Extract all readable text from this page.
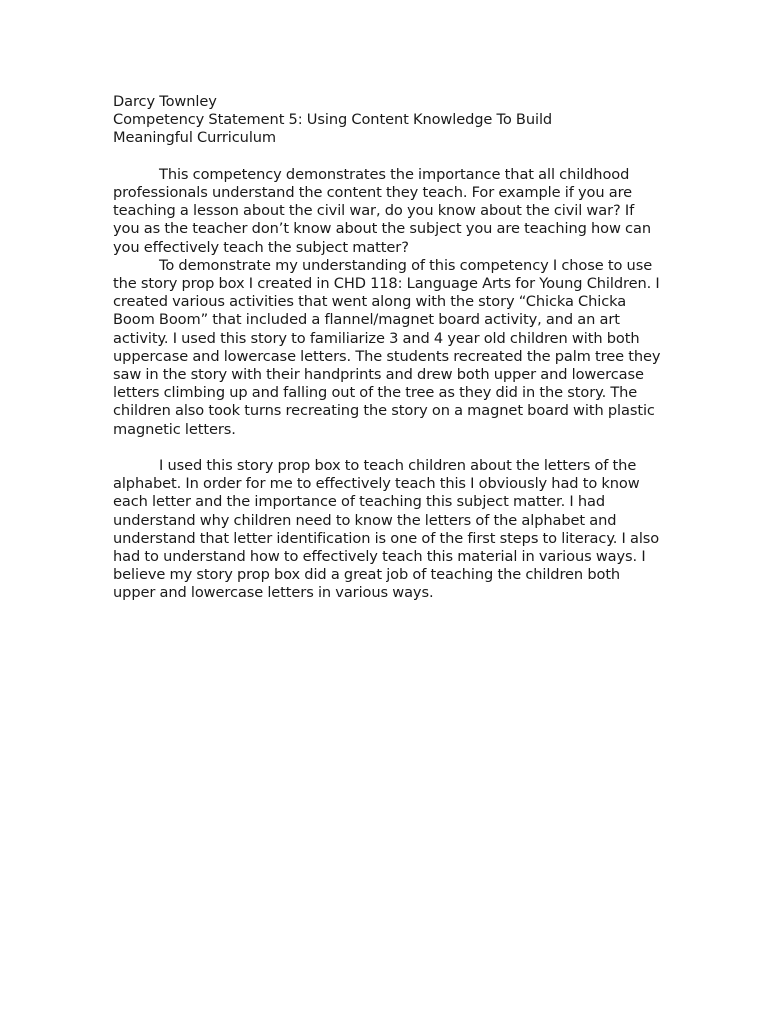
Darcy Townley
Competency Statement 5: Using Content Knowledge To Build
Meaningful Curriculum

This competency demonstrates the importance that all childhood professionals understand the content they teach. For example if you are teaching a lesson about the civil war, do you know about the civil war? If you as the teacher don’t know about the subject you are teaching how can you effectively teach the subject matter?

To demonstrate my understanding of this competency I chose to use the story prop box I created in CHD 118: Language Arts for Young Children. I created various activities that went along with the story “Chicka Chicka Boom Boom” that included a flannel/magnet board activity, and an art activity. I used this story to familiarize 3 and 4 year old children with both uppercase and lowercase letters. The students recreated the palm tree they saw in the story with their handprints and drew both upper and lowercase letters climbing up and falling out of the tree as they did in the story. The children also took turns recreating the story on a magnet board with plastic magnetic letters.

I used this story prop box to teach children about the letters of the alphabet. In order for me to effectively teach this I obviously had to know each letter and the importance of teaching this subject matter. I had understand why children need to know the letters of the alphabet and understand that letter identification is one of the first steps to literacy. I also had to understand how to effectively teach this material in various ways. I believe my story prop box did a great job of teaching the children both upper and lowercase letters in various ways.
